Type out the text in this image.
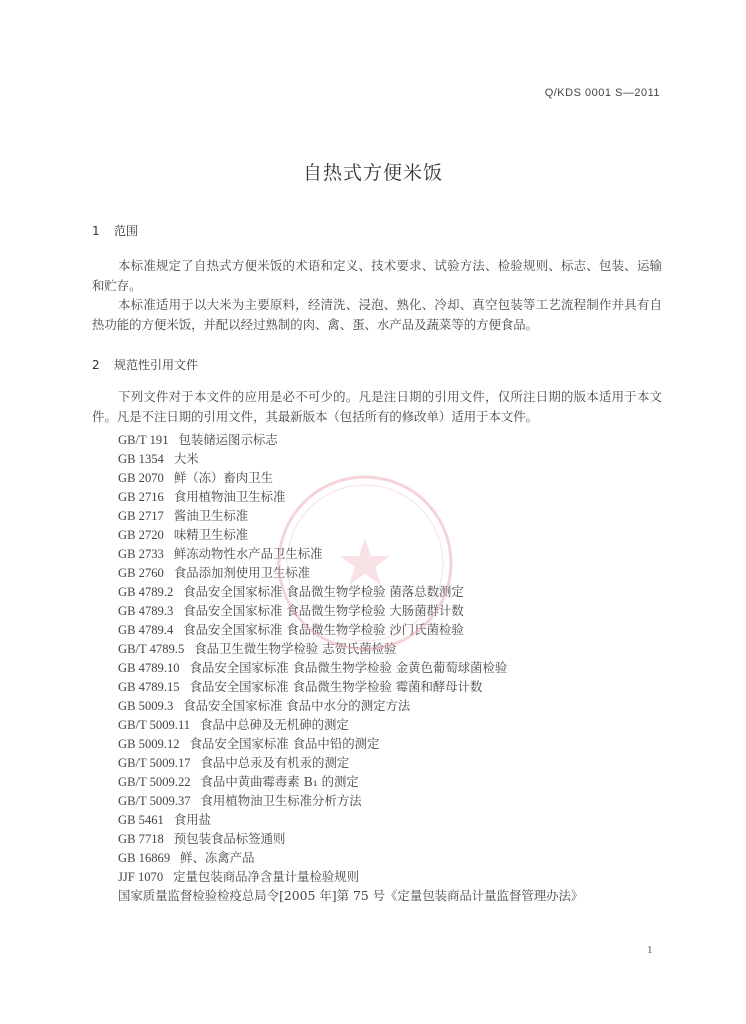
Q/KDS 0001 S—2011
自热式方便米饭
1 范围

本标准规定了自热式方便米饭的术语和定义、技术要求、试验方法、检验规则、标志、包装、运输和贮存。

本标准适用于以大米为主要原料，经清洗、浸泡、熟化、冷却、真空包装等工艺流程制作并具有自热功能的方便米饭，并配以经过熟制的肉、禽、蛋、水产品及蔬菜等的方便食品。

2 规范性引用文件

下列文件对于本文件的应用是必不可少的。凡是注日期的引用文件，仅所注日期的版本适用于本文件。凡是不注日期的引用文件，其最新版本（包括所有的修改单）适用于本文件。

GB/T 191 包装储运图示标志
GB 1354 大米
GB 2070 鲜（冻）畜肉卫生
GB 2716 食用植物油卫生标准
GB 2717 酱油卫生标准
GB 2720 味精卫生标准
GB 2733 鲜冻动物性水产品卫生标准
GB 2760 食品添加剂使用卫生标准
GB 4789.2 食品安全国家标准 食品微生物学检验 菌落总数测定
GB 4789.3 食品安全国家标准 食品微生物学检验 大肠菌群计数
GB 4789.4 食品安全国家标准 食品微生物学检验 沙门氏菌检验
GB/T 4789.5 食品卫生微生物学检验 志贺氏菌检验
GB 4789.10 食品安全国家标准 食品微生物学检验 金黄色葡萄球菌检验
GB 4789.15 食品安全国家标准 食品微生物学检验 霉菌和酵母计数
GB 5009.3 食品安全国家标准 食品中水分的测定方法
GB/T 5009.11 食品中总砷及无机砷的测定
GB 5009.12 食品安全国家标准 食品中铅的测定
GB/T 5009.17 食品中总汞及有机汞的测定
GB/T 5009.22 食品中黄曲霉毒素 B₁ 的测定
GB/T 5009.37 食用植物油卫生标准分析方法
GB 5461 食用盐
GB 7718 预包装食品标签通则
GB 16869 鲜、冻禽产品
JJF 1070 定量包装商品净含量计量检验规则
国家质量监督检验检疫总局令[2005 年]第 75 号《定量包装商品计量监督管理办法》
1
